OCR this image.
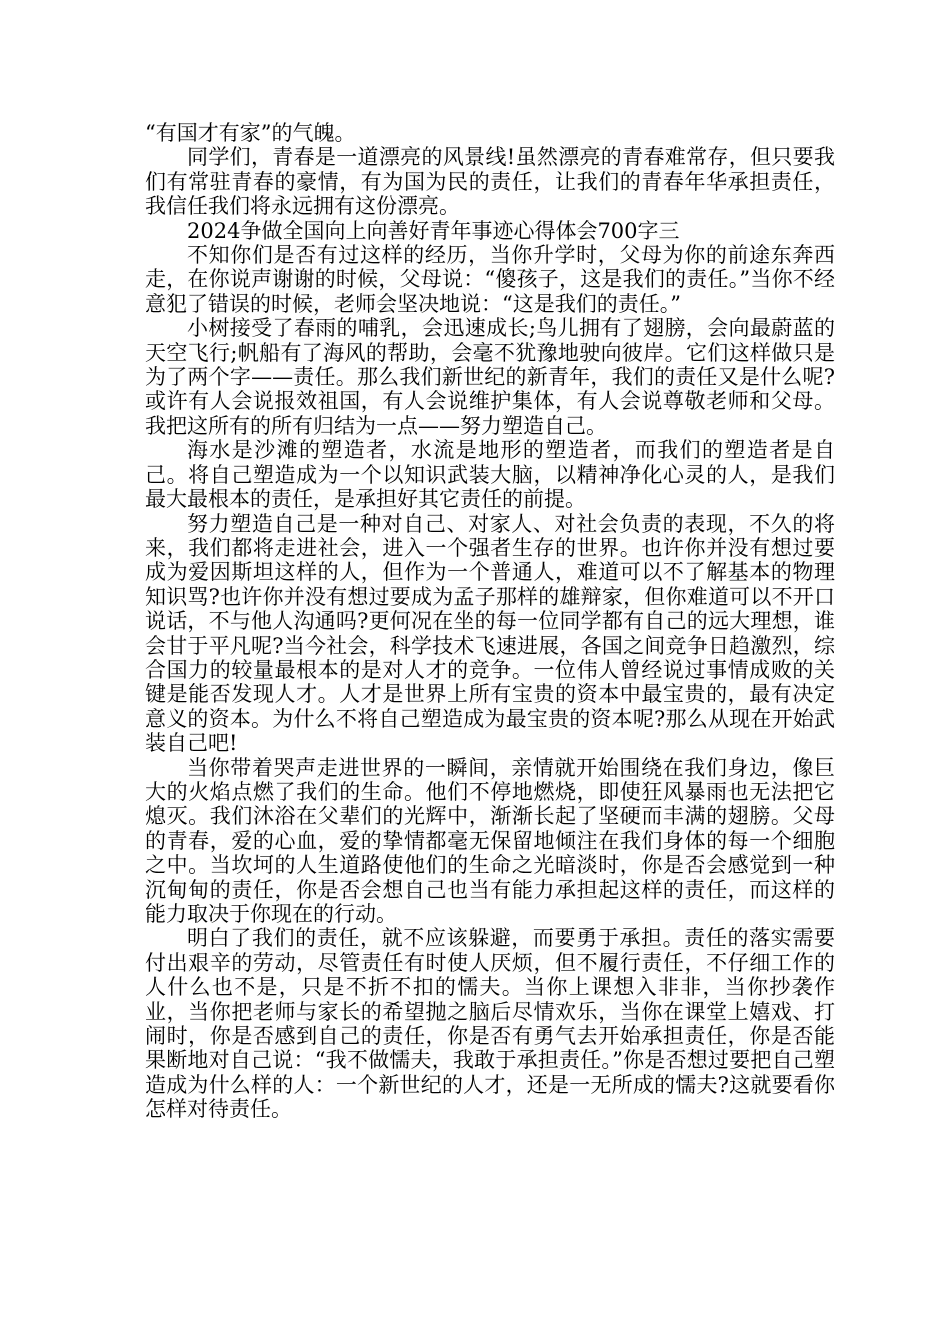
“有国才有家”的气魄。

同学们，青春是一道漂亮的风景线!虽然漂亮的青春难常存，但只要我们有常驻青春的豪情，有为国为民的责任，让我们的青春年华承担责任，我信任我们将永远拥有这份漂亮。

2024争做全国向上向善好青年事迹心得体会700字三

不知你们是否有过这样的经历，当你升学时，父母为你的前途东奔西走，在你说声谢谢的时候，父母说：“傻孩子，这是我们的责任。”当你不经意犯了错误的时候，老师会坚决地说：“这是我们的责任。”

小树接受了春雨的哺乳，会迅速成长;鸟儿拥有了翅膀，会向最蔚蓝的天空飞行;帆船有了海风的帮助，会毫不犹豫地驶向彼岸。它们这样做只是为了两个字——责任。那么我们新世纪的新青年，我们的责任又是什么呢?或许有人会说报效祖国，有人会说维护集体，有人会说尊敬老师和父母。我把这所有的所有归结为一点——努力塑造自己。

海水是沙滩的塑造者，水流是地形的塑造者，而我们的塑造者是自己。将自己塑造成为一个以知识武装大脑，以精神净化心灵的人，是我们最大最根本的责任，是承担好其它责任的前提。

努力塑造自己是一种对自己、对家人、对社会负责的表现，不久的将来，我们都将走进社会，进入一个强者生存的世界。也许你并没有想过要成为爱因斯坦这样的人，但作为一个普通人，难道可以不了解基本的物理知识骂?也许你并没有想过要成为孟子那样的雄辩家，但你难道可以不开口说话，不与他人沟通吗?更何况在坐的每一位同学都有自己的远大理想，谁会甘于平凡呢?当今社会，科学技术飞速进展，各国之间竞争日趋激烈，综合国力的较量最根本的是对人才的竞争。一位伟人曾经说过事情成败的关键是能否发现人才。人才是世界上所有宝贵的资本中最宝贵的，最有决定意义的资本。为什么不将自己塑造成为最宝贵的资本呢?那么从现在开始武装自己吧!

当你带着哭声走进世界的一瞬间，亲情就开始围绕在我们身边，像巨大的火焰点燃了我们的生命。他们不停地燃烧，即使狂风暴雨也无法把它熄灭。我们沐浴在父辈们的光辉中，渐渐长起了坚硬而丰满的翅膀。父母的青春，爱的心血，爱的挚情都毫无保留地倾注在我们身体的每一个细胞之中。当坎坷的人生道路使他们的生命之光暗淡时，你是否会感觉到一种沉甸甸的责任，你是否会想自己也当有能力承担起这样的责任，而这样的能力取决于你现在的行动。

明白了我们的责任，就不应该躲避，而要勇于承担。责任的落实需要付出艰辛的劳动，尽管责任有时使人厌烦，但不履行责任，不仔细工作的人什么也不是，只是不折不扣的懦夫。当你上课想入非非，当你抄袭作业，当你把老师与家长的希望抛之脑后尽情欢乐，当你在课堂上嬉戏、打闹时，你是否感到自己的责任，你是否有勇气去开始承担责任，你是否能果断地对自己说：“我不做懦夫，我敢于承担责任。”你是否想过要把自己塑造成为什么样的人：一个新世纪的人才，还是一无所成的懦夫?这就要看你怎样对待责任。
